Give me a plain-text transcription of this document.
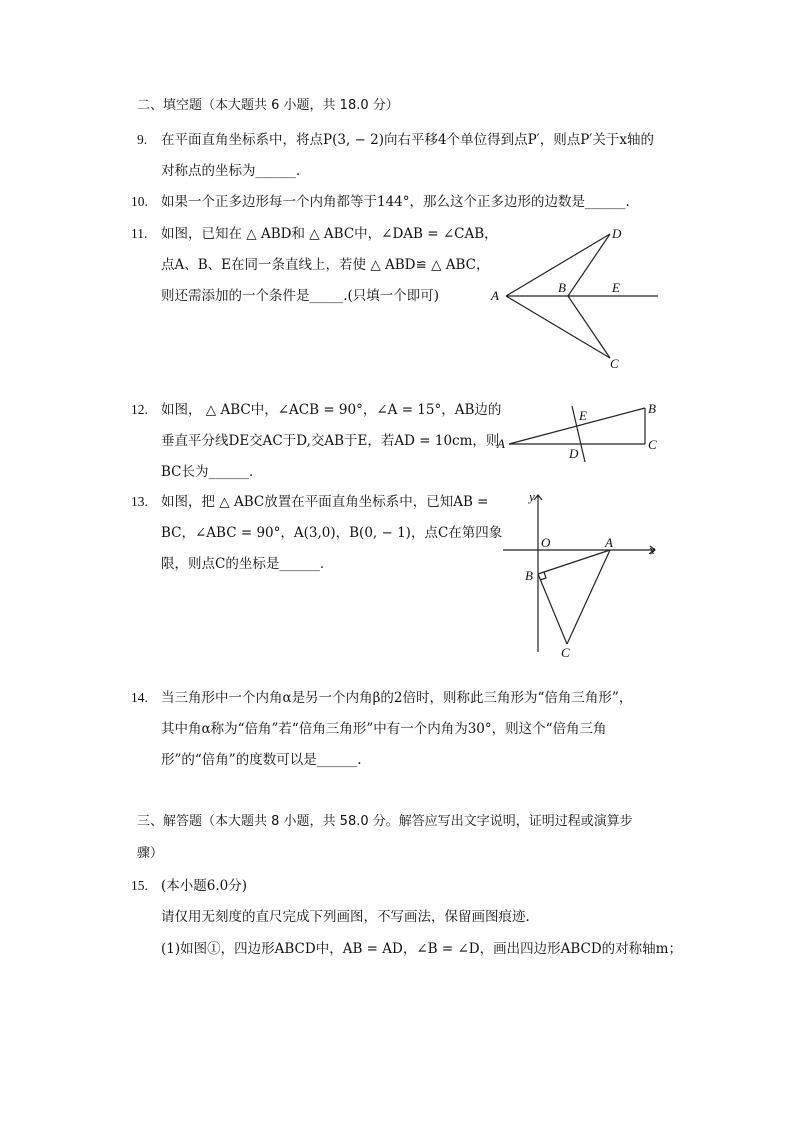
二、填空题（本大题共 6 小题，共 18.0 分）
9. 在平面直角坐标系中，将点P(3, − 2)向右平移4个单位得到点P′，则点P′关于x轴的
对称点的坐标为______．
10. 如果一个正多边形每一个内角都等于144°，那么这个正多边形的边数是______．
11. 如图，已知在 △ ABD和 △ ABC中，∠DAB = ∠CAB，
点A、B、E在同一条直线上，若使 △ ABD≌ △ ABC，
则还需添加的一个条件是_____.(只填一个即可)	A
B
D
E
C
12. 如图， △ ABC中，∠ACB = 90°，∠A = 15°，AB边的
垂直平分线DE交AC于D,交AB于E，若AD = 10cm，则
BC长为______．
A
B
C
E
D
13. 如图，把 △ ABC放置在平面直角坐标系中，已知AB =
BC，∠ABC = 90°，A(3,0)，B(0, − 1)，点C在第四象
限，则点C的坐标是______．
y
x
O	A
B
C
14. 当三角形中一个内角α是另一个内角β的2倍时，则称此三角形为“倍角三角形”，
其中角α称为“倍角”若“倍角三角形”中有一个内角为30°，则这个“倍角三角
形”的“倍角”的度数可以是______.
三、解答题（本大题共 8 小题，共 58.0 分。解答应写出文字说明，证明过程或演算步
骤）
15. (本小题6.0分)
请仅用无刻度的直尺完成下列画图，不写画法，保留画图痕迹．
(1)如图①，四边形ABCD中，AB = AD，∠B = ∠D，画出四边形ABCD的对称轴m；
